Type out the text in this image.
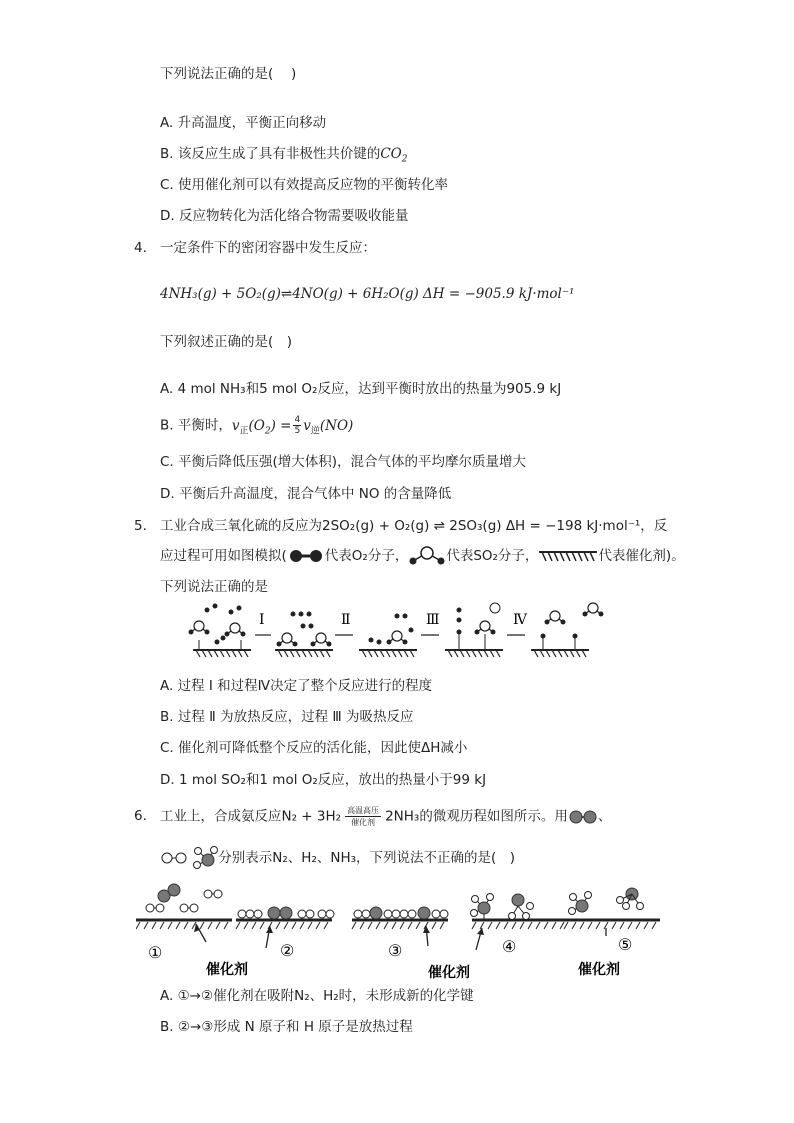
下列说法正确的是(　 )
A. 升高温度，平衡正向移动
B. 该反应生成了具有非极性共价键的$CO_2$
C. 使用催化剂可以有效提高反应物的平衡转化率
D. 反应物转化为活化络合物需要吸收能量
4. 一定条件下的密闭容器中发生反应：
4NH₃(g) + 5O₂(g)⇌4NO(g) + 6H₂O(g) ΔH = −905.9 kJ·mol⁻¹
下列叙述正确的是(　)
A. 4 mol NH₃和5 mol O₂反应，达到平衡时放出的热量为905.9 kJ
B. 平衡时，$v_正(O_2) = \frac{4}{5} v_逆(NO)$
C. 平衡后降低压强(增大体积)，混合气体的平均摩尔质量增大
D. 平衡后升高温度，混合气体中 NO 的含量降低
5. 工业合成三氧化硫的反应为2SO₂(g) + O₂(g) ⇌ 2SO₃(g) ΔH = −198 kJ·mol⁻¹，反
应过程可用如图模拟(	代表O₂分子，	代表SO₂分子，	代表催化剂)。
下列说法正确的是
Ⅰ	Ⅱ	Ⅲ	Ⅳ
A. 过程 Ⅰ 和过程Ⅳ决定了整个反应进行的程度
B. 过程 Ⅱ 为放热反应，过程 Ⅲ 为吸热反应
C. 催化剂可降低整个反应的活化能，因此使ΔH减小
D. 1 mol SO₂和1 mol O₂反应，放出的热量小于99 kJ
6. 工业上，合成氨反应N₂ + 3H₂ 高温高压
催化剂 2NH₃的微观历程如图所示。用 、
分别表示N₂、H₂、NH₃，下列说法不正确的是(　)
①	②	③	④	⑤
催化剂	催化剂	催化剂
A. ①→②催化剂在吸附N₂、H₂时，未形成新的化学键
B. ②→③形成 N 原子和 H 原子是放热过程
